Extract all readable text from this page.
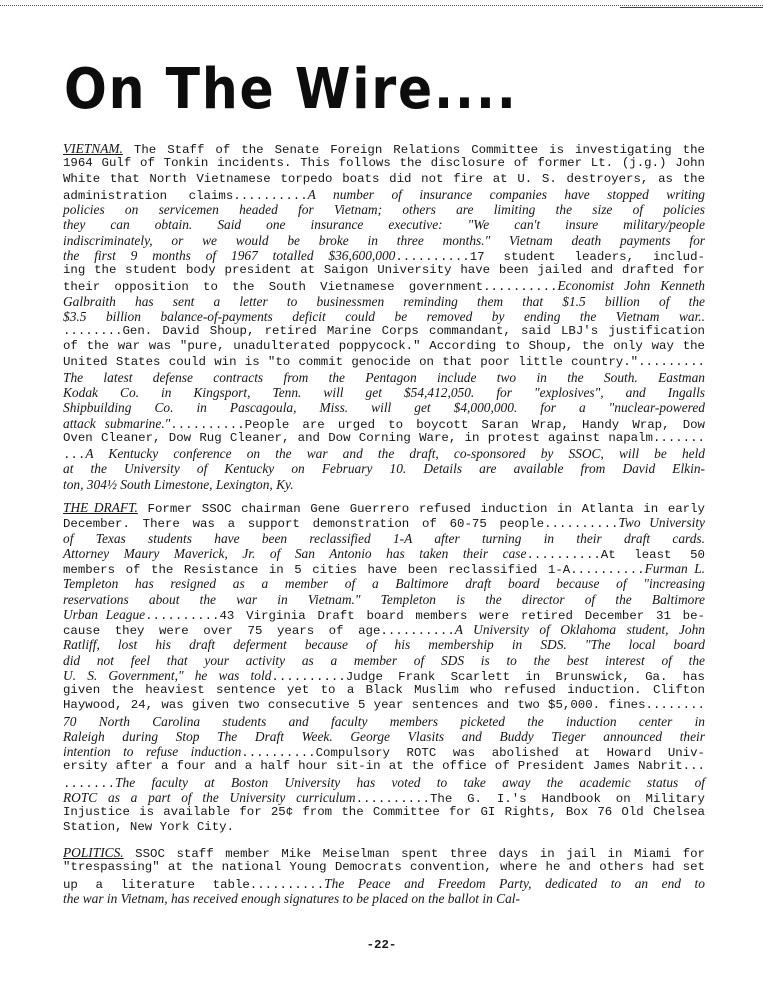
On The Wire....
VIETNAM. The Staff of the Senate Foreign Relations Committee is investigating the
1964 Gulf of Tonkin incidents. This follows the disclosure of former Lt. (j.g.) John
White that North Vietnamese torpedo boats did not fire at U. S. destroyers, as the
administration claims..........A number of insurance companies have stopped writing
policies on servicemen headed for Vietnam; others are limiting the size of policies
they can obtain. Said one insurance executive: "We can't insure military/people
indiscriminately, or we would be broke in three months." Vietnam death payments for
the first 9 months of 1967 totalled $36,600,000..........17 student leaders, includ-
ing the student body president at Saigon University have been jailed and drafted for
their opposition to the South Vietnamese government..........Economist John Kenneth
Galbraith has sent a letter to businessmen reminding them that $1.5 billion of the
$3.5 billion balance-of-payments deficit could be removed by ending the Vietnam war..
........Gen. David Shoup, retired Marine Corps commandant, said LBJ's justification
of the war was "pure, unadulterated poppycock." According to Shoup, the only way the
United States could win is "to commit genocide on that poor little country.".........
The latest defense contracts from the Pentagon include two in the South. Eastman
Kodak Co. in Kingsport, Tenn. will get $54,412,050. for "explosives", and Ingalls
Shipbuilding Co. in Pascagoula, Miss. will get $4,000,000. for a "nuclear-powered
attack submarine."..........People are urged to boycott Saran Wrap, Handy Wrap, Dow
Oven Cleaner, Dow Rug Cleaner, and Dow Corning Ware, in protest against napalm.......
...A Kentucky conference on the war and the draft, co-sponsored by SSOC, will be held
at the University of Kentucky on February 10. Details are available from David Elkin-
ton, 304½ South Limestone, Lexington, Ky.
THE DRAFT. Former SSOC chairman Gene Guerrero refused induction in Atlanta in early
December. There was a support demonstration of 60-75 people..........Two University
of Texas students have been reclassified 1-A after turning in their draft cards.
Attorney Maury Maverick, Jr. of San Antonio has taken their case..........At least 50
members of the Resistance in 5 cities have been reclassified 1-A..........Furman L.
Templeton has resigned as a member of a Baltimore draft board because of "increasing
reservations about the war in Vietnam." Templeton is the director of the Baltimore
Urban League..........43 Virginia Draft board members were retired December 31 be-
cause they were over 75 years of age..........A University of Oklahoma student, John
Ratliff, lost his draft deferment because of his membership in SDS. "The local board
did not feel that your activity as a member of SDS is to the best interest of the
U. S. Government," he was told..........Judge Frank Scarlett in Brunswick, Ga. has
given the heaviest sentence yet to a Black Muslim who refused induction. Clifton
Haywood, 24, was given two consecutive 5 year sentences and two $5,000. fines........
70 North Carolina students and faculty members picketed the induction center in
Raleigh during Stop The Draft Week. George Vlasits and Buddy Tieger announced their
intention to refuse induction..........Compulsory ROTC was abolished at Howard Univ-
ersity after a four and a half hour sit-in at the office of President James Nabrit...
.......The faculty at Boston University has voted to take away the academic status of
ROTC as a part of the University curriculum..........The G. I.'s Handbook on Military
Injustice is available for 25¢ from the Committee for GI Rights, Box 76 Old Chelsea
Station, New York City.
POLITICS. SSOC staff member Mike Meiselman spent three days in jail in Miami for
"trespassing" at the national Young Democrats convention, where he and others had set
up a literature table..........The Peace and Freedom Party, dedicated to an end to
the war in Vietnam, has received enough signatures to be placed on the ballot in Cal-
-22-
